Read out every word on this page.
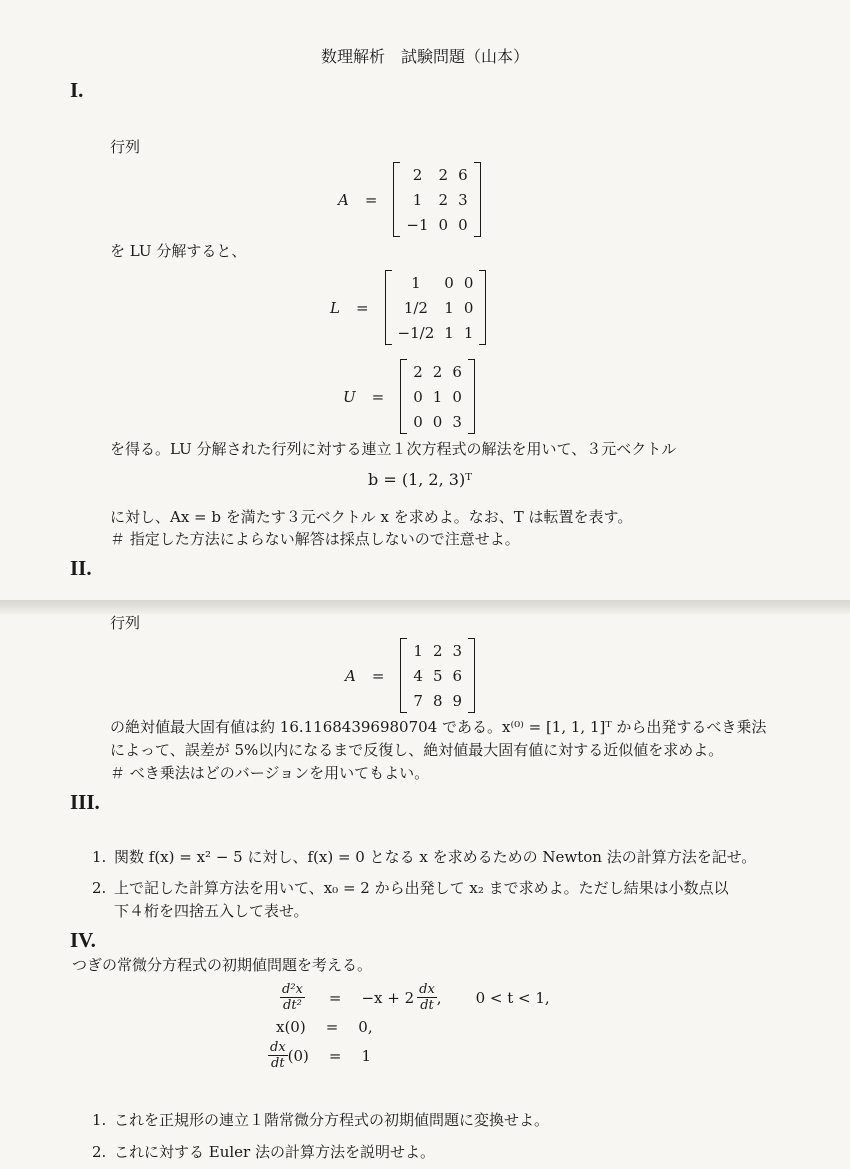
数理解析　試験問題（山本）
I.
行列
A =
2	2	6
1	2	3
−1	0	0
を LU 分解すると、
L =
1	0	0
1/2	1	0
−1/2	1	1
U =
2	2	6
0	1	0
0	0	3
を得る。LU 分解された行列に対する連立１次方程式の解法を用いて、３元ベクトル
b = (1, 2, 3)ᵀ
に対し、Ax = b を満たす３元ベクトル x を求めよ。なお、T は転置を表す。
＃ 指定した方法によらない解答は採点しないので注意せよ。
II.
行列
A =
1	2	3
4	5	6
7	8	9
の絶対値最大固有値は約 16.11684396980704 である。x⁽⁰⁾ = [1, 1, 1]ᵀ から出発するべき乗法
によって、誤差が 5%以内になるまで反復し、絶対値最大固有値に対する近似値を求めよ。
＃ べき乗法はどのバージョンを用いてもよい。
III.
1. 関数 f(x) = x² − 5 に対し、f(x) = 0 となる x を求めるための Newton 法の計算方法を記せ。
2. 上で記した計算方法を用いて、x₀ = 2 から出発して x₂ まで求めよ。ただし結果は小数点以
下４桁を四捨五入して表せ。
IV.
つぎの常微分方程式の初期値問題を考える。
$\frac{\text{d²x}}{\text{dt²}} = -x + 2 \frac{dx}{dt}$ , 0 < t < 1,
x(0) = 0,
$\frac{dx}{dt} (0) = 1$
1. これを正規形の連立１階常微分方程式の初期値問題に変換せよ。
2. これに対する Euler 法の計算方法を説明せよ。
